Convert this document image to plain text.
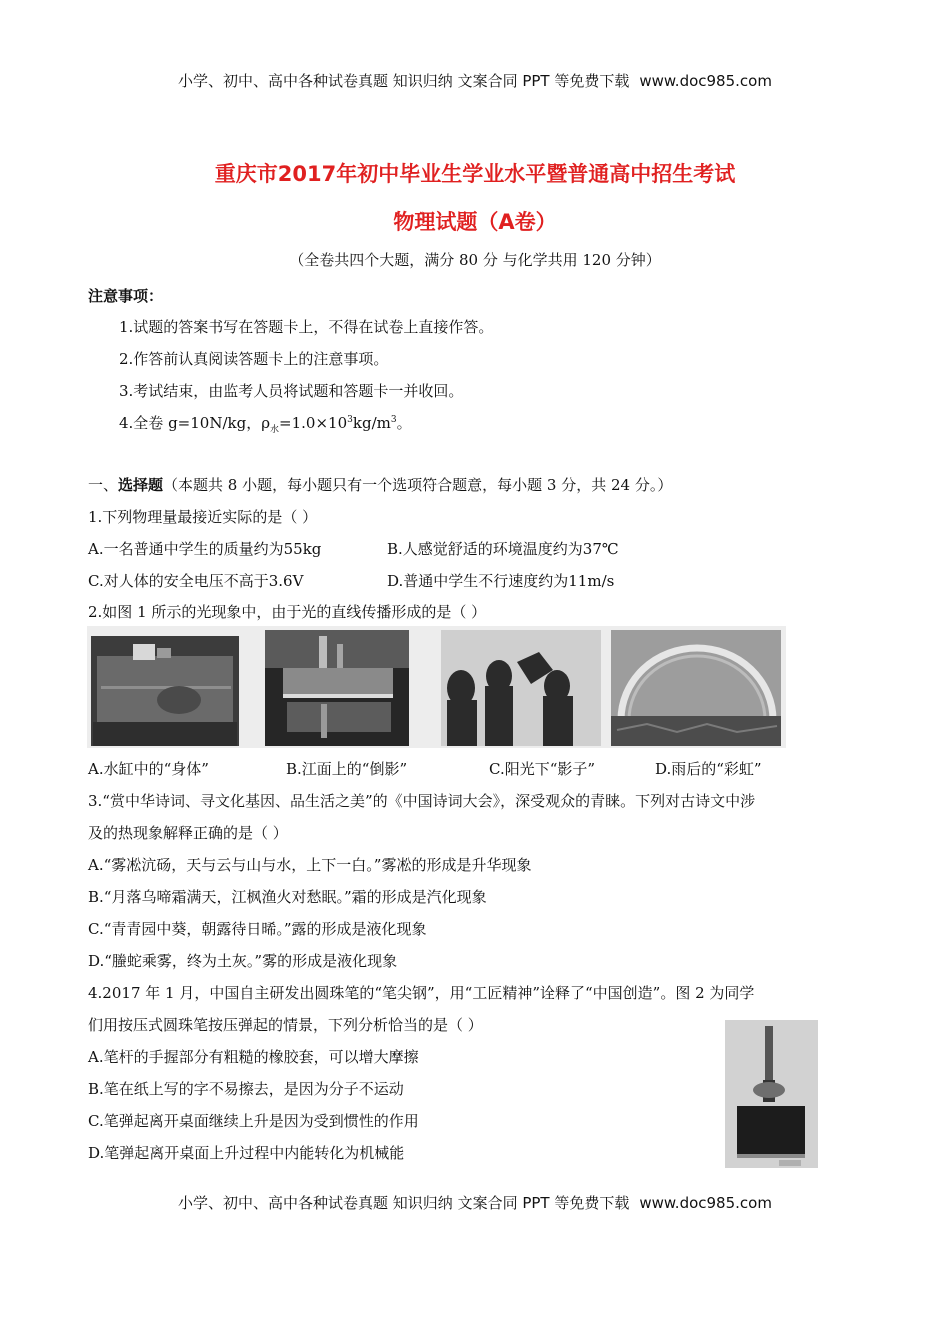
小学、初中、高中各种试卷真题 知识归纳 文案合同 PPT 等免费下载 www.doc985.com
重庆市2017年初中毕业生学业水平暨普通高中招生考试
物理试题（A卷）
（全卷共四个大题，满分 80 分 与化学共用 120 分钟）
注意事项：
1.试题的答案书写在答题卡上，不得在试卷上直接作答。
2.作答前认真阅读答题卡上的注意事项。
3.考试结束，由监考人员将试题和答题卡一并收回。
4.全卷 g=10N/kg，$\rho_水=1.0\times 10^3kg/m^3$。
一、选择题（本题共 8 小题，每小题只有一个选项符合题意，每小题 3 分，共 24 分。）
1.下列物理量最接近实际的是（ ）
A.一名普通中学生的质量约为55kg	B.人感觉舒适的环境温度约为37℃
C.对人体的安全电压不高于3.6V	D.普通中学生不行速度约为11m/s
2.如图 1 所示的光现象中，由于光的直线传播形成的是（ ）
A.水缸中的“身体”	B.江面上的“倒影”	C.阳光下“影子”	D.雨后的“彩虹”
3.“赏中华诗词、寻文化基因、品生活之美”的《中国诗词大会》，深受观众的青睐。下列对古诗文中涉
及的热现象解释正确的是（ ）
A.“雾凇沆砀，天与云与山与水，上下一白。”雾凇的形成是升华现象
B.“月落乌啼霜满天，江枫渔火对愁眠。”霜的形成是汽化现象
C.“青青园中葵，朝露待日晞。”露的形成是液化现象
D.“螣蛇乘雾，终为土灰。”雾的形成是液化现象
4.2017 年 1 月，中国自主研发出圆珠笔的“笔尖钢”，用“工匠精神”诠释了“中国创造”。图 2 为同学
们用按压式圆珠笔按压弹起的情景，下列分析恰当的是（ ）
A.笔杆的手握部分有粗糙的橡胶套，可以增大摩擦
B.笔在纸上写的字不易擦去，是因为分子不运动
C.笔弹起离开桌面继续上升是因为受到惯性的作用
D.笔弹起离开桌面上升过程中内能转化为机械能
小学、初中、高中各种试卷真题 知识归纳 文案合同 PPT 等免费下载 www.doc985.com
